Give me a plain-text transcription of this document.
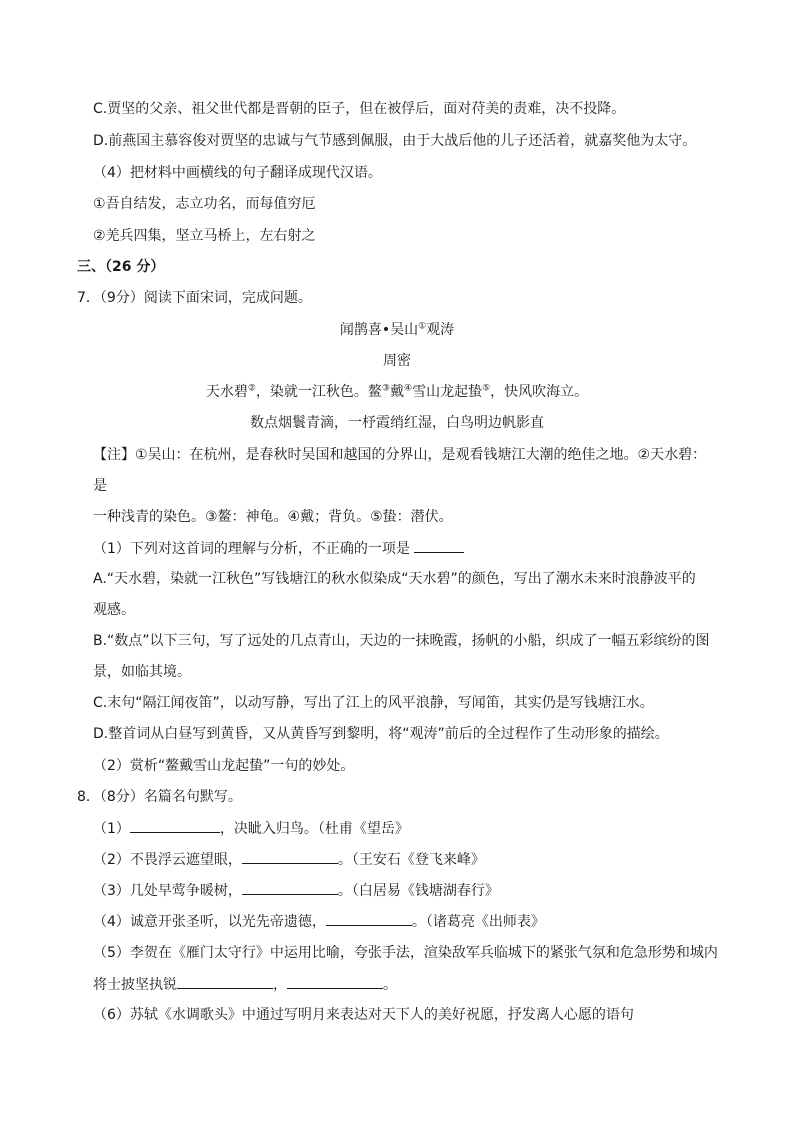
C.贾坚的父亲、祖父世代都是晋朝的臣子，但在被俘后，面对苻美的责难，决不投降。
D.前燕国主慕容俊对贾坚的忠诚与气节感到佩服，由于大战后他的儿子还活着，就嘉奖他为太守。
（4）把材料中画横线的句子翻译成现代汉语。
①吾自结发，志立功名，而每值穷厄
②羌兵四集，坚立马桥上，左右射之
三、（26 分）
7．（9分）阅读下面宋词，完成问题。
闻鹊喜•吴山①观涛
周密
天水碧②，染就一江秋色。鳌③戴④雪山龙起蛰⑤，快风吹海立。
数点烟鬟青滴，一杼霞绡红湿，白鸟明边帆影直
【注】①吴山：在杭州，是春秋时吴国和越国的分界山，是观看钱塘江大潮的绝佳之地。②天水碧：
是
一种浅青的染色。③鳌：神龟。④戴；背负。⑤蛰：潜伏。
（1）下列对这首词的理解与分析，不正确的一项是
A.“天水碧，染就一江秋色”写钱塘江的秋水似染成“天水碧”的颜色，写出了潮水未来时浪静波平的
观感。
B.“数点”以下三句，写了远处的几点青山，天边的一抹晚霞，扬帆的小船，织成了一幅五彩缤纷的图
景，如临其境。
C.末句“隔江闻夜笛”，以动写静，写出了江上的风平浪静，写闻笛，其实仍是写钱塘江水。
D.整首词从白昼写到黄昏，又从黄昏写到黎明，将“观涛”前后的全过程作了生动形象的描绘。
（2）赏析“鳌戴雪山龙起蛰”一句的妙处。
8．（8分）名篇名句默写。
（1）	，决眦入归鸟。（杜甫《望岳》
（2）不畏浮云遮望眼，	。（王安石《登飞来峰》
（3）几处早莺争暖树，	。（白居易《钱塘湖春行》
（4）诚意开张圣听，以光先帝遗德，	。（诸葛亮《出师表》
（5）李贺在《雁门太守行》中运用比喻，夸张手法，渲染敌军兵临城下的紧张气氛和危急形势和城内
将士披坚执锐	，	。
（6）苏轼《水调歌头》中通过写明月来表达对天下人的美好祝愿，抒发离人心愿的语句
